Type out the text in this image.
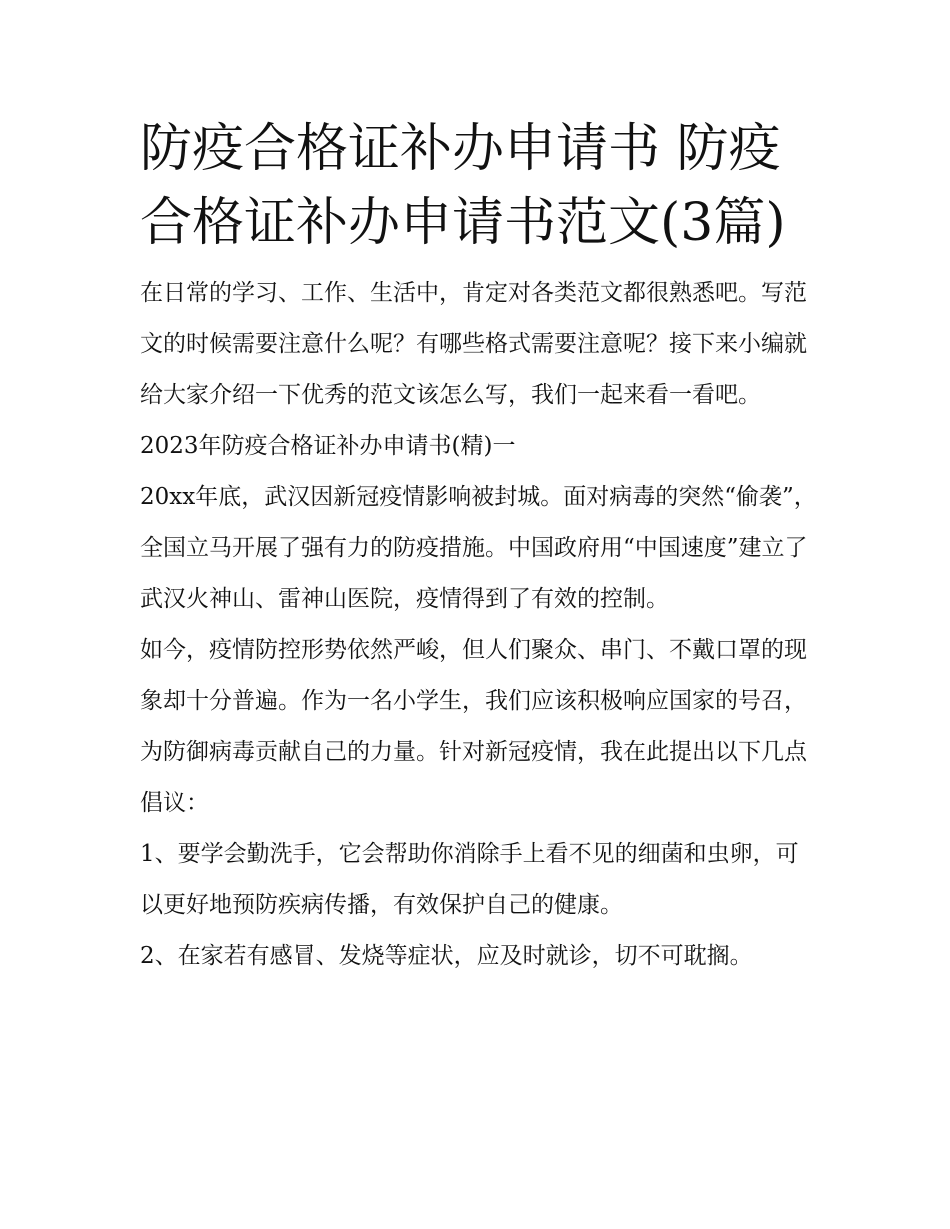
防疫合格证补办申请书 防疫合格证补办申请书范文(3篇)

在日常的学习、工作、生活中，肯定对各类范文都很熟悉吧。写范文的时候需要注意什么呢？有哪些格式需要注意呢？接下来小编就给大家介绍一下优秀的范文该怎么写，我们一起来看一看吧。

2023年防疫合格证补办申请书(精)一

20xx年底，武汉因新冠疫情影响被封城。面对病毒的突然“偷袭”，全国立马开展了强有力的防疫措施。中国政府用“中国速度”建立了武汉火神山、雷神山医院，疫情得到了有效的控制。

如今，疫情防控形势依然严峻，但人们聚众、串门、不戴口罩的现象却十分普遍。作为一名小学生，我们应该积极响应国家的号召，为防御病毒贡献自己的力量。针对新冠疫情，我在此提出以下几点倡议：

1、要学会勤洗手，它会帮助你消除手上看不见的细菌和虫卵，可以更好地预防疾病传播，有效保护自己的健康。

2、在家若有感冒、发烧等症状，应及时就诊，切不可耽搁。
